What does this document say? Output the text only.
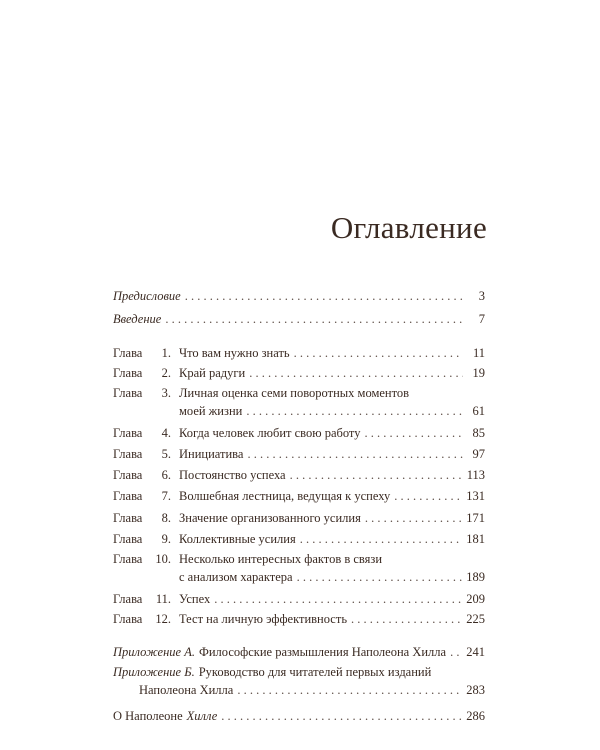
Оглавление
Предисловие . . .	3
Введение . . .	7
Глава 1. Что вам нужно знать . . .	11
Глава 2. Край радуги . . .	19
Глава 3. Личная оценка семи поворотных моментов
моей жизни . . .	61
Глава 4. Когда человек любит свою работу . . .	85
Глава 5. Инициатива . . .	97
Глава 6. Постоянство успеха . . .	113
Глава 7. Волшебная лестница, ведущая к успеху . . .	131
Глава 8. Значение организованного усилия . . .	171
Глава 9. Коллективные усилия . . .	181
Глава 10. Несколько интересных фактов в связи
с анализом характера . . .	189
Глава 11. Успех . . .	209
Глава 12. Тест на личную эффективность . . .	225
Приложение А. Философские размышления Наполеона Хилла . . . 241
Приложение Б. Руководство для читателей первых изданий
Наполеона Хилла . . .	283
О Наполеоне Хилле . . .	286
